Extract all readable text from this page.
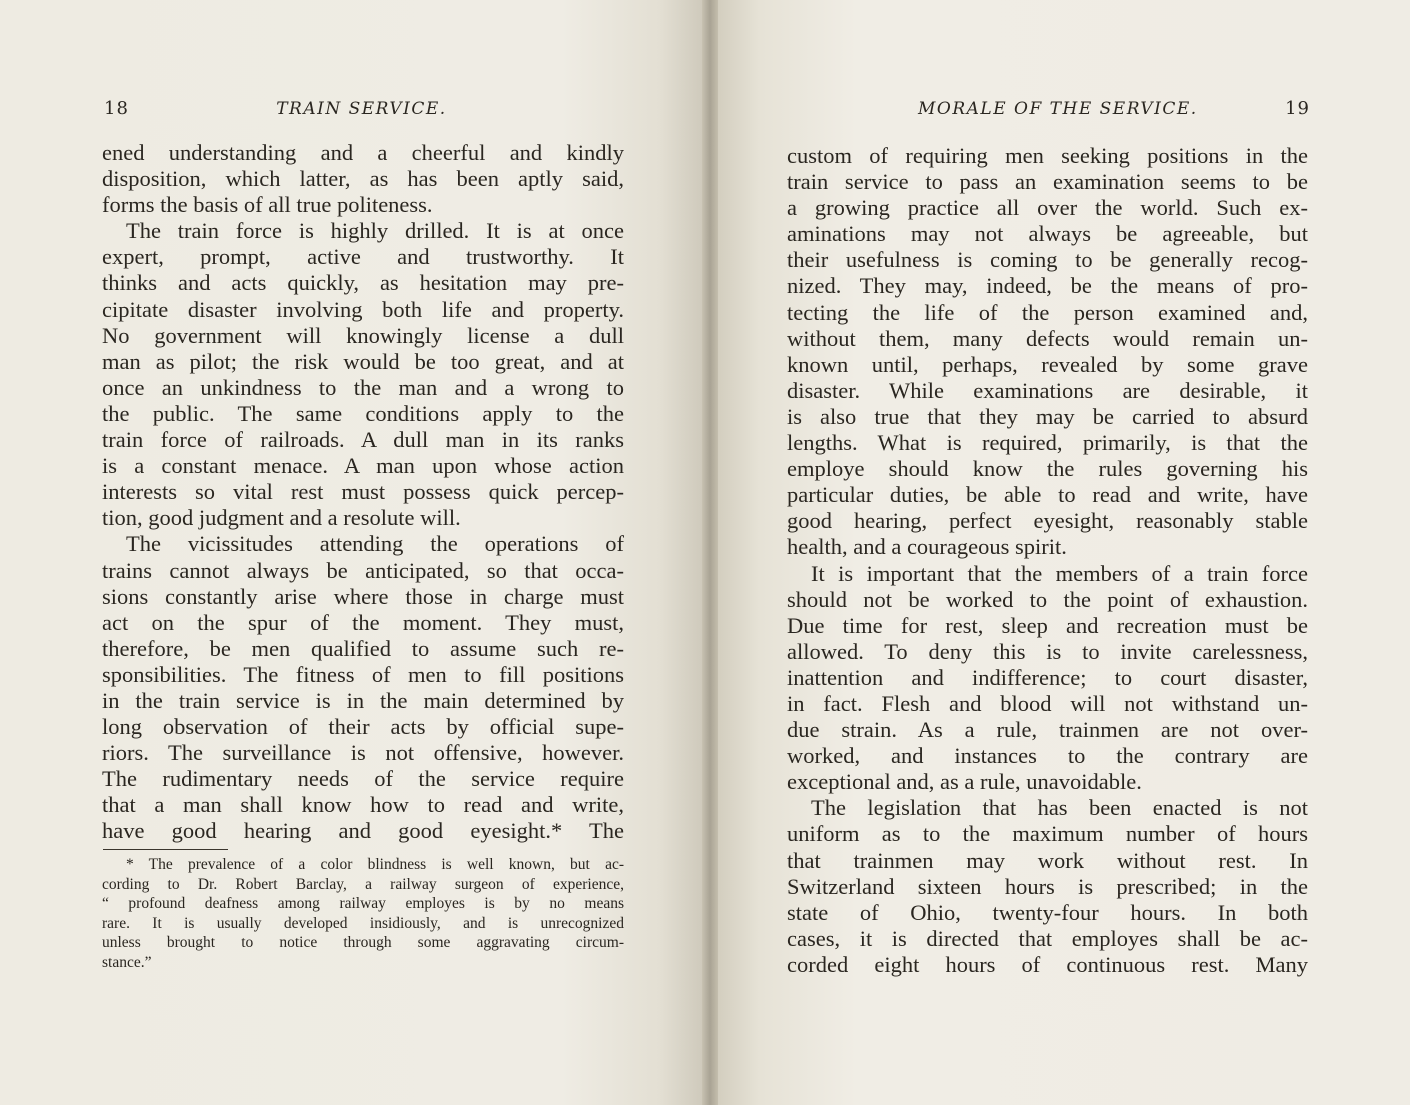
18	TRAIN SERVICE.
ened understanding and a cheerful and kindly
disposition, which latter, as has been aptly said,
forms the basis of all true politeness.
The train force is highly drilled. It is at once
expert, prompt, active and trustworthy. It
thinks and acts quickly, as hesitation may pre-
cipitate disaster involving both life and property.
No government will knowingly license a dull
man as pilot; the risk would be too great, and at
once an unkindness to the man and a wrong to
the public. The same conditions apply to the
train force of railroads. A dull man in its ranks
is a constant menace. A man upon whose action
interests so vital rest must possess quick percep-
tion, good judgment and a resolute will.
The vicissitudes attending the operations of
trains cannot always be anticipated, so that occa-
sions constantly arise where those in charge must
act on the spur of the moment. They must,
therefore, be men qualified to assume such re-
sponsibilities. The fitness of men to fill positions
in the train service is in the main determined by
long observation of their acts by official supe-
riors. The surveillance is not offensive, however.
The rudimentary needs of the service require
that a man shall know how to read and write,
have good hearing and good eyesight.* The
* The prevalence of a color blindness is well known, but ac-
cording to Dr. Robert Barclay, a railway surgeon of experience,
“ profound deafness among railway employes is by no means
rare. It is usually developed insidiously, and is unrecognized
unless brought to notice through some aggravating circum-
stance.”
MORALE OF THE SERVICE.	19
custom of requiring men seeking positions in the
train service to pass an examination seems to be
a growing practice all over the world. Such ex-
aminations may not always be agreeable, but
their usefulness is coming to be generally recog-
nized. They may, indeed, be the means of pro-
tecting the life of the person examined and,
without them, many defects would remain un-
known until, perhaps, revealed by some grave
disaster. While examinations are desirable, it
is also true that they may be carried to absurd
lengths. What is required, primarily, is that the
employe should know the rules governing his
particular duties, be able to read and write, have
good hearing, perfect eyesight, reasonably stable
health, and a courageous spirit.
It is important that the members of a train force
should not be worked to the point of exhaustion.
Due time for rest, sleep and recreation must be
allowed. To deny this is to invite carelessness,
inattention and indifference; to court disaster,
in fact. Flesh and blood will not withstand un-
due strain. As a rule, trainmen are not over-
worked, and instances to the contrary are
exceptional and, as a rule, unavoidable.
The legislation that has been enacted is not
uniform as to the maximum number of hours
that trainmen may work without rest. In
Switzerland sixteen hours is prescribed; in the
state of Ohio, twenty-four hours. In both
cases, it is directed that employes shall be ac-
corded eight hours of continuous rest. Many
